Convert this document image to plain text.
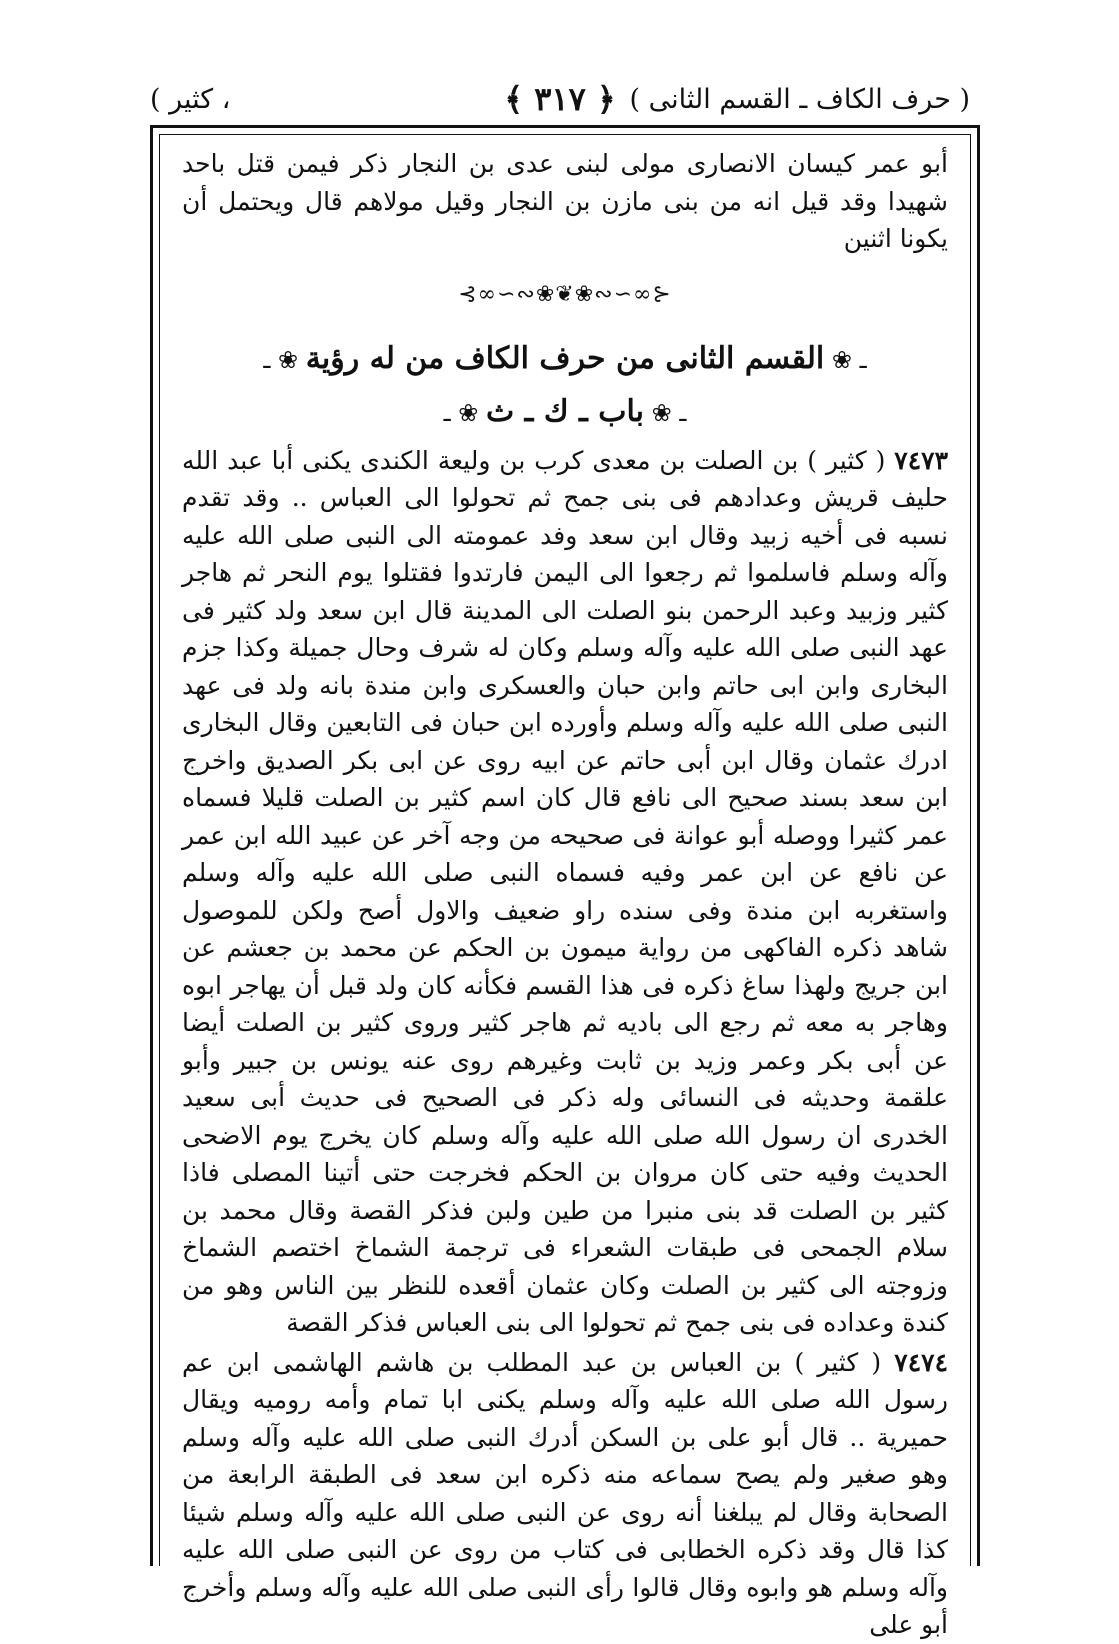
( حرف الكاف ـ القسم الثانى )
﴿ ٣١٧ ﴾
، كثير )

أبو عمر كيسان الانصارى مولى لبنى عدى بن النجار ذكر فيمن قتل باحد شهيدا وقد قيل انه من بنى مازن بن النجار وقيل مولاهم قال ويحتمل أن يكونا اثنين

⊰∞∽∾❀❦❀∾∽∞⊱
ـ ❀ القسم الثانى من حرف الكاف من له رؤية ❀ ـ
ـ ❀ باب ـ ك ـ ث ❀ ـ

٧٤٧٣ ( كثير ) بن الصلت بن معدى كرب بن وليعة الكندى يكنى أبا عبد الله حليف قريش وعدادهم فى بنى جمح ثم تحولوا الى العباس .. وقد تقدم نسبه فى أخيه زبيد وقال ابن سعد وفد عمومته الى النبى صلى الله عليه وآله وسلم فاسلموا ثم رجعوا الى اليمن فارتدوا فقتلوا يوم النحر ثم هاجر كثير وزبيد وعبد الرحمن بنو الصلت الى المدينة قال ابن سعد ولد كثير فى عهد النبى صلى الله عليه وآله وسلم وكان له شرف وحال جميلة وكذا جزم البخارى وابن ابى حاتم وابن حبان والعسكرى وابن مندة بانه ولد فى عهد النبى صلى الله عليه وآله وسلم وأورده ابن حبان فى التابعين وقال البخارى ادرك عثمان وقال ابن أبى حاتم عن ابيه روى عن ابى بكر الصديق واخرج ابن سعد بسند صحيح الى نافع قال كان اسم كثير بن الصلت قليلا فسماه عمر كثيرا ووصله أبو عوانة فى صحيحه من وجه آخر عن عبيد الله ابن عمر عن نافع عن ابن عمر وفيه فسماه النبى صلى الله عليه وآله وسلم واستغربه ابن مندة وفى سنده راو ضعيف والاول أصح ولكن للموصول شاهد ذكره الفاكهى من رواية ميمون بن الحكم عن محمد بن جعشم عن ابن جريج ولهذا ساغ ذكره فى هذا القسم فكأنه كان ولد قبل أن يهاجر ابوه وهاجر به معه ثم رجع الى باديه ثم هاجر كثير وروى كثير بن الصلت أيضا عن أبى بكر وعمر وزيد بن ثابت وغيرهم روى عنه يونس بن جبير وأبو علقمة وحديثه فى النسائى وله ذكر فى الصحيح فى حديث أبى سعيد الخدرى ان رسول الله صلى الله عليه وآله وسلم كان يخرج يوم الاضحى الحديث وفيه حتى كان مروان بن الحكم فخرجت حتى أتينا المصلى فاذا كثير بن الصلت قد بنى منبرا من طين ولبن فذكر القصة وقال محمد بن سلام الجمحى فى طبقات الشعراء فى ترجمة الشماخ اختصم الشماخ وزوجته الى كثير بن الصلت وكان عثمان أقعده للنظر بين الناس وهو من كندة وعداده فى بنى جمح ثم تحولوا الى بنى العباس فذكر القصة

٧٤٧٤ ( كثير ) بن العباس بن عبد المطلب بن هاشم الهاشمى ابن عم رسول الله صلى الله عليه وآله وسلم يكنى ابا تمام وأمه روميه ويقال حميرية .. قال أبو على بن السكن أدرك النبى صلى الله عليه وآله وسلم وهو صغير ولم يصح سماعه منه ذكره ابن سعد فى الطبقة الرابعة من الصحابة وقال لم يبلغنا أنه روى عن النبى صلى الله عليه وآله وسلم شيئا كذا قال وقد ذكره الخطابى فى كتاب من روى عن النبى صلى الله عليه وآله وسلم هو وابوه وقال قالوا رأى النبى صلى الله عليه وآله وسلم وأخرج أبو على
